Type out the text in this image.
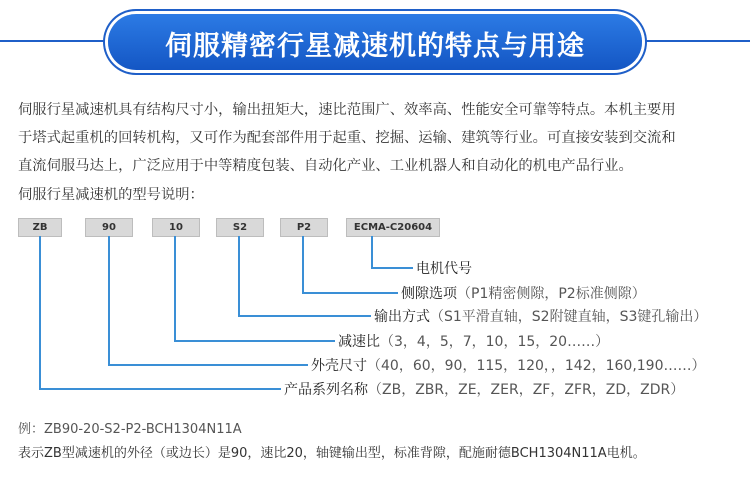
伺服精密行星减速机的特点与用途
伺服行星减速机具有结构尺寸小，输出扭矩大，速比范围广、效率高、性能安全可靠等特点。本机主要用
于塔式起重机的回转机构，又可作为配套部件用于起重、挖掘、运输、建筑等行业。可直接安装到交流和
直流伺服马达上，广泛应用于中等精度包装、自动化产业、工业机器人和自动化的机电产品行业。
伺服行星减速机的型号说明：
ZB	90	10	S2	P2	ECMA-C20604
电机代号
侧隙选项（P1精密侧隙，P2标准侧隙）
输出方式（S1平滑直轴，S2附键直轴，S3键孔输出）
减速比（3，4，5，7，10，15，20……）
外壳尺寸（40，60，90，115，120，，142，160,190……）
产品系列名称（ZB，ZBR，ZE，ZER，ZF，ZFR，ZD，ZDR）
例：ZB90-20-S2-P2-BCH1304N11A
表示ZB型减速机的外径（或边长）是90，速比20，轴键输出型，标准背隙，配施耐德BCH1304N11A电机。
